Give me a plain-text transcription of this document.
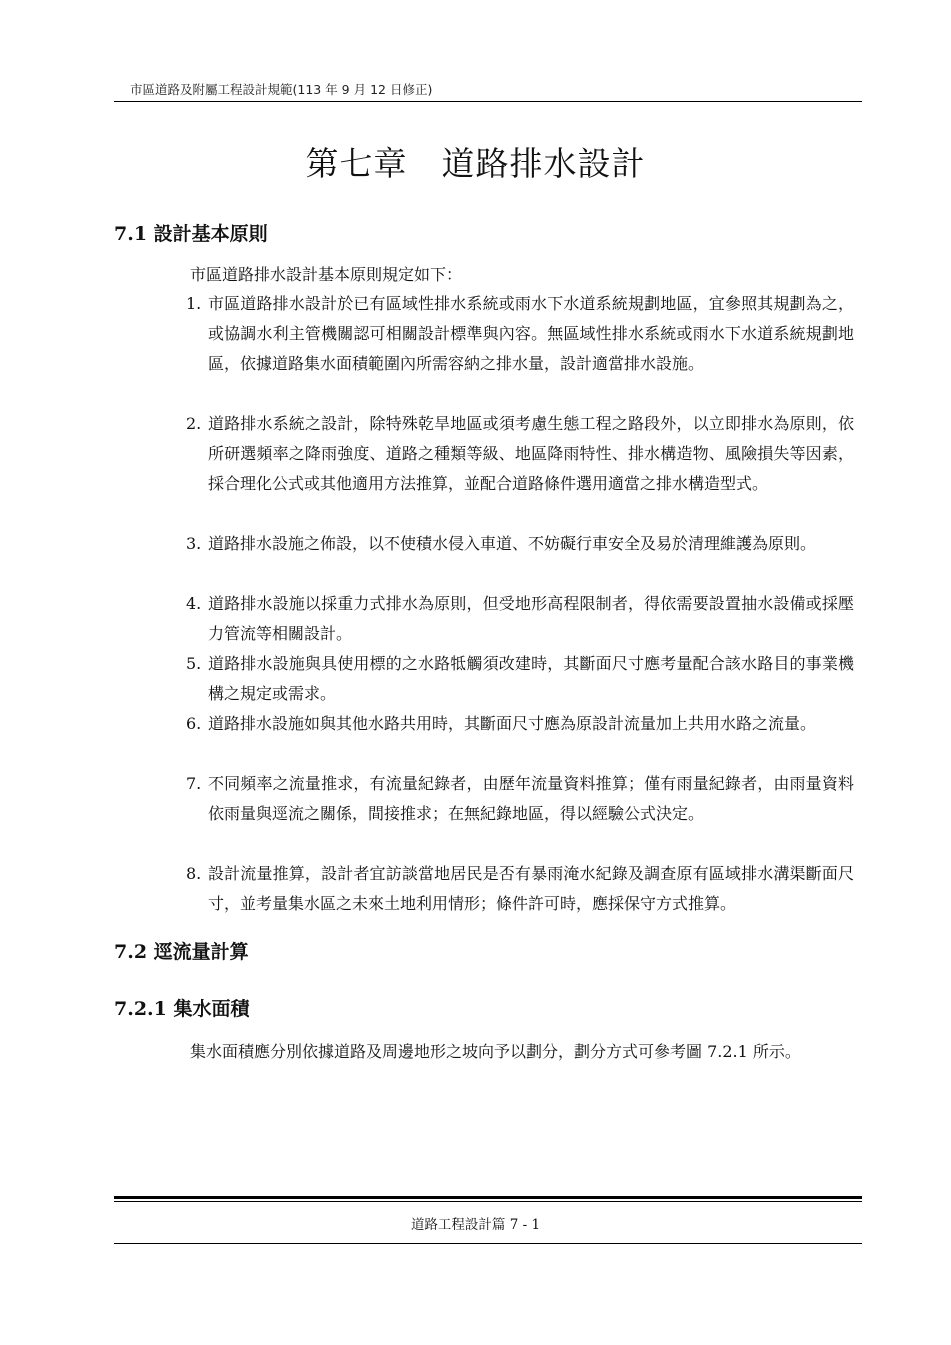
市區道路及附屬工程設計規範(113 年 9 月 12 日修正)
第七章　道路排水設計
7.1 設計基本原則
市區道路排水設計基本原則規定如下：
1. 市區道路排水設計於已有區域性排水系統或雨水下水道系統規劃地區，宜參照其規劃為之，或協調水利主管機關認可相關設計標準與內容。無區域性排水系統或雨水下水道系統規劃地區，依據道路集水面積範圍內所需容納之排水量，設計適當排水設施。
2. 道路排水系統之設計，除特殊乾旱地區或須考慮生態工程之路段外，以立即排水為原則，依所研選頻率之降雨強度、道路之種類等級、地區降雨特性、排水構造物、風險損失等因素，採合理化公式或其他適用方法推算，並配合道路條件選用適當之排水構造型式。
3. 道路排水設施之佈設，以不使積水侵入車道、不妨礙行車安全及易於清理維護為原則。
4. 道路排水設施以採重力式排水為原則，但受地形高程限制者，得依需要設置抽水設備或採壓力管流等相關設計。
5. 道路排水設施與具使用標的之水路牴觸須改建時，其斷面尺寸應考量配合該水路目的事業機構之規定或需求。
6. 道路排水設施如與其他水路共用時，其斷面尺寸應為原設計流量加上共用水路之流量。
7. 不同頻率之流量推求，有流量紀錄者，由歷年流量資料推算；僅有雨量紀錄者，由雨量資料依雨量與逕流之關係，間接推求；在無紀錄地區，得以經驗公式決定。
8. 設計流量推算，設計者宜訪談當地居民是否有暴雨淹水紀錄及調查原有區域排水溝渠斷面尺寸，並考量集水區之未來土地利用情形；條件許可時，應採保守方式推算。
7.2 逕流量計算
7.2.1 集水面積
集水面積應分別依據道路及周邊地形之坡向予以劃分，劃分方式可參考圖 7.2.1 所示。
道路工程設計篇 7 - 1
